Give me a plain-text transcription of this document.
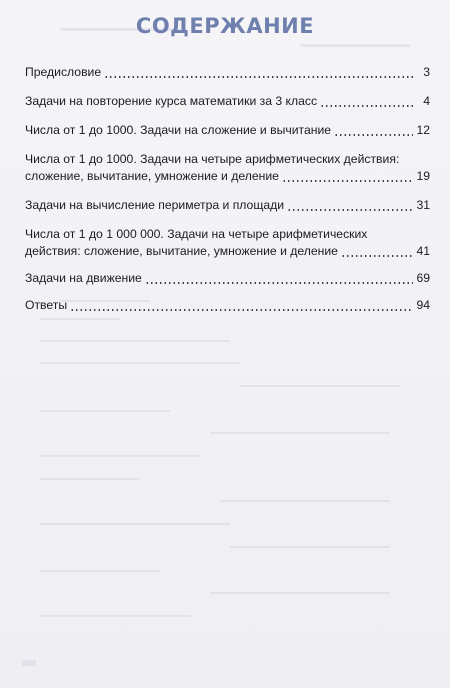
СОДЕРЖАНИЕ
Предисловие	3
Задачи на повторение курса математики за 3 класс	4
Числа от 1 до 1000. Задачи на сложение и вычитание	12
Числа от 1 до 1000. Задачи на четыре арифметических действия:
сложение, вычитание, умножение и деление	19
Задачи на вычисление периметра и площади	31
Числа от 1 до 1 000 000. Задачи на четыре арифметических
действия: сложение, вычитание, умножение и деление	41
Задачи на движение	69
Ответы	94
